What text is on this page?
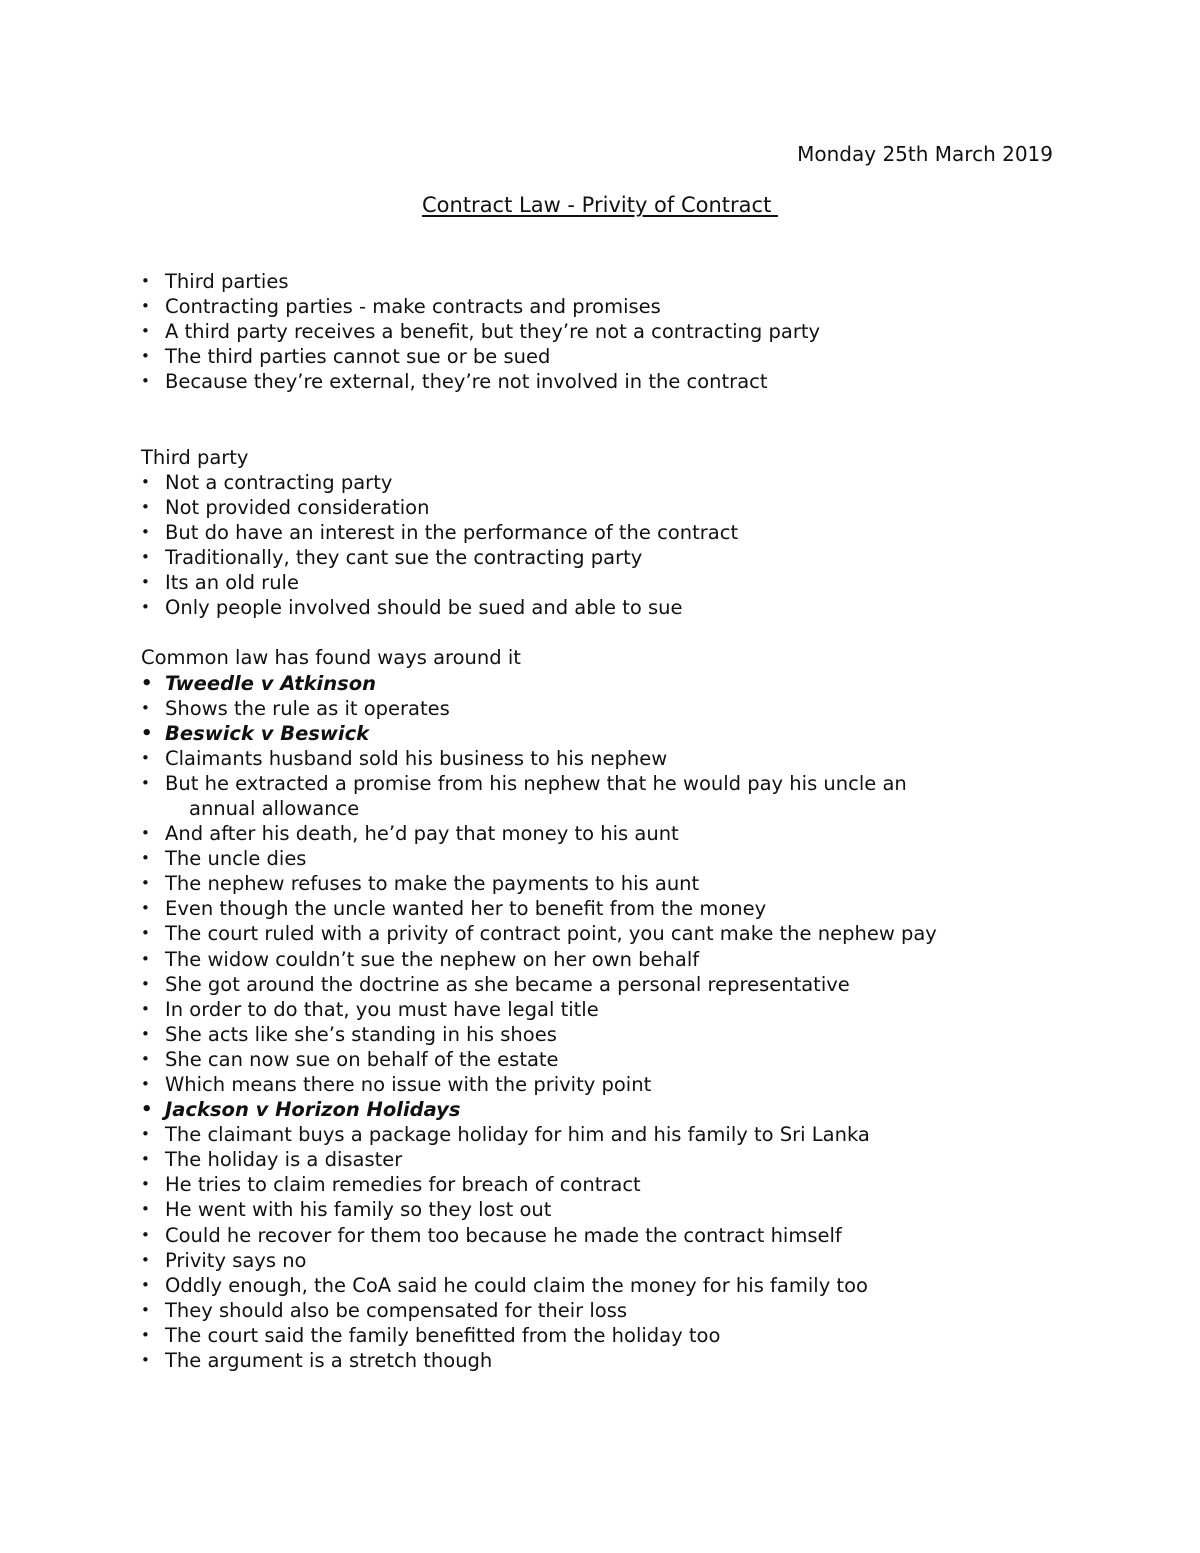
Monday 25th March 2019
Contract Law - Privity of Contract
• Third parties
• Contracting parties - make contracts and promises
• A third party receives a benefit, but they’re not a contracting party
• The third parties cannot sue or be sued
• Because they’re external, they’re not involved in the contract
Third party
• Not a contracting party
• Not provided consideration
• But do have an interest in the performance of the contract
• Traditionally, they cant sue the contracting party
• Its an old rule
• Only people involved should be sued and able to sue
Common law has found ways around it
• Tweedle v Atkinson
• Shows the rule as it operates
• Beswick v Beswick
• Claimants husband sold his business to his nephew
• But he extracted a promise from his nephew that he would pay his uncle an
annual allowance
• And after his death, he’d pay that money to his aunt
• The uncle dies
• The nephew refuses to make the payments to his aunt
• Even though the uncle wanted her to benefit from the money
• The court ruled with a privity of contract point, you cant make the nephew pay
• The widow couldn’t sue the nephew on her own behalf
• She got around the doctrine as she became a personal representative
• In order to do that, you must have legal title
• She acts like she’s standing in his shoes
• She can now sue on behalf of the estate
• Which means there no issue with the privity point
• Jackson v Horizon Holidays
• The claimant buys a package holiday for him and his family to Sri Lanka
• The holiday is a disaster
• He tries to claim remedies for breach of contract
• He went with his family so they lost out
• Could he recover for them too because he made the contract himself
• Privity says no
• Oddly enough, the CoA said he could claim the money for his family too
• They should also be compensated for their loss
• The court said the family benefitted from the holiday too
• The argument is a stretch though
